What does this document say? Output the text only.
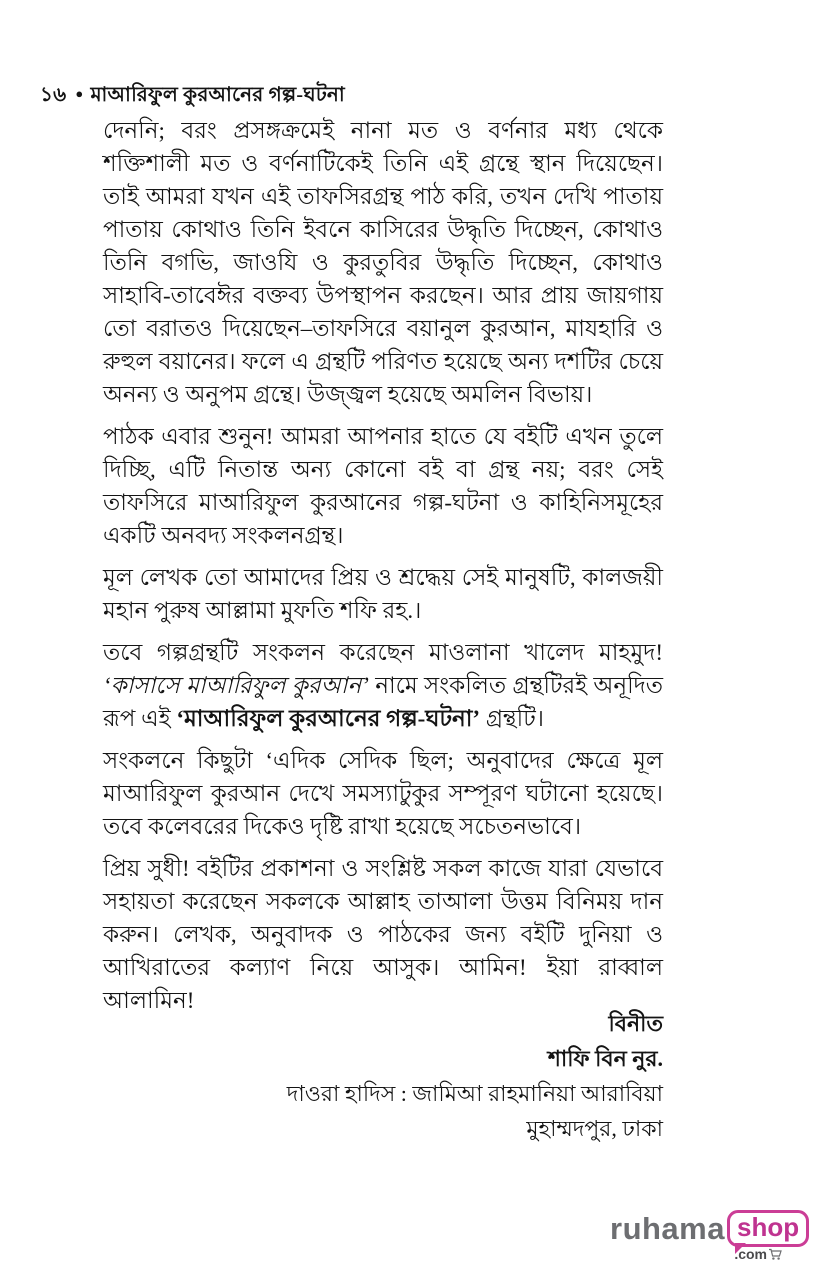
১৬ ● মাআরিফুল কুরআনের গল্প-ঘটনা

দেননি; বরং প্রসঙ্গক্রমেই নানা মত ও বর্ণনার মধ্য থেকে শক্তিশালী মত ও বর্ণনাটিকেই তিনি এই গ্রন্থে স্থান দিয়েছেন। তাই আমরা যখন এই তাফসিরগ্রন্থ পাঠ করি, তখন দেখি পাতায় পাতায় কোথাও তিনি ইবনে কাসিরের উদ্ধৃতি দিচ্ছেন, কোথাও তিনি বগভি, জাওযি ও কুরতুবির উদ্ধৃতি দিচ্ছেন, কোথাও সাহাবি-তাবেঈর বক্তব্য উপস্থাপন করছেন। আর প্রায় জায়গায় তো বরাতও দিয়েছেন–তাফসিরে বয়ানুল কুরআন, মাযহারি ও রুহুল বয়ানের। ফলে এ গ্রন্থটি পরিণত হয়েছে অন্য দশটির চেয়ে অনন্য ও অনুপম গ্রন্থে। উজ্জ্বল হয়েছে অমলিন বিভায়।

পাঠক এবার শুনুন! আমরা আপনার হাতে যে বইটি এখন তুলে দিচ্ছি, এটি নিতান্ত অন্য কোনো বই বা গ্রন্থ নয়; বরং সেই তাফসিরে মাআরিফুল কুরআনের গল্প-ঘটনা ও কাহিনিসমূহের একটি অনবদ্য সংকলনগ্রন্থ।

মূল লেখক তো আমাদের প্রিয় ও শ্রদ্ধেয় সেই মানুষটি, কালজয়ী মহান পুরুষ আল্লামা মুফতি শফি রহ.।

তবে গল্পগ্রন্থটি সংকলন করেছেন মাওলানা খালেদ মাহমুদ! ‘কাসাসে মাআরিফুল কুরআন’ নামে সংকলিত গ্রন্থটিরই অনূদিত রূপ এই ‘মাআরিফুল কুরআনের গল্প-ঘটনা’ গ্রন্থটি।

সংকলনে কিছুটা ‘এদিক সেদিক ছিল; অনুবাদের ক্ষেত্রে মূল মাআরিফুল কুরআন দেখে সমস্যাটুকুর সম্পূরণ ঘটানো হয়েছে। তবে কলেবরের দিকেও দৃষ্টি রাখা হয়েছে সচেতনভাবে।

প্রিয় সুধী! বইটির প্রকাশনা ও সংশ্লিষ্ট সকল কাজে যারা যেভাবে সহায়তা করেছেন সকলকে আল্লাহ তাআলা উত্তম বিনিময় দান করুন। লেখক, অনুবাদক ও পাঠকের জন্য বইটি দুনিয়া ও আখিরাতের কল্যাণ নিয়ে আসুক। আমিন! ইয়া রাব্বাল আলামিন!

বিনীত
শাফি বিন নুর.
দাওরা হাদিস : জামিআ রাহমানিয়া আরাবিয়া
মুহাম্মদপুর, ঢাকা
ruhama shop
.com
